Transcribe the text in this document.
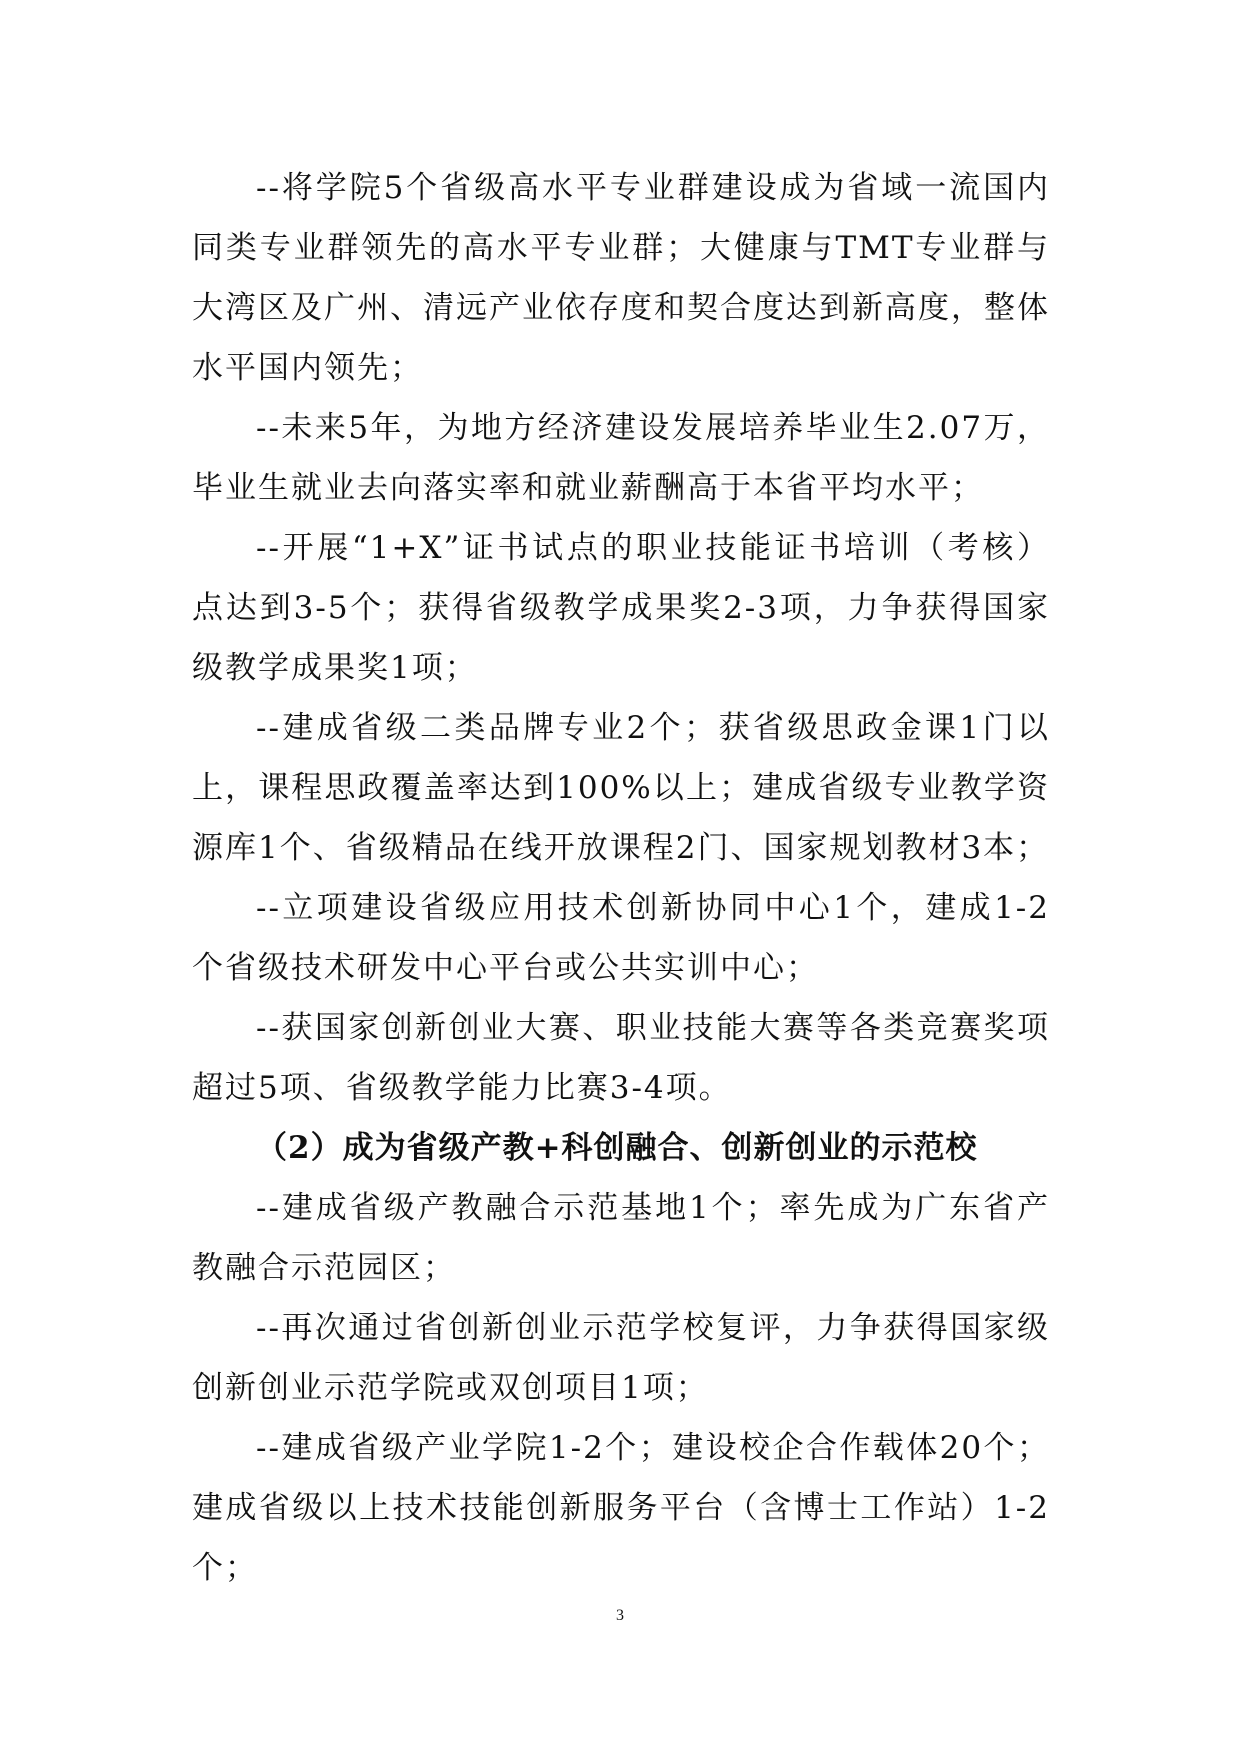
--将学院5个省级高水平专业群建设成为省域一流国内同类专业群领先的高水平专业群；大健康与TMT专业群与大湾区及广州、清远产业依存度和契合度达到新高度，整体水平国内领先；

--未来5年，为地方经济建设发展培养毕业生2.07万，毕业生就业去向落实率和就业薪酬高于本省平均水平；

--开展“1+X”证书试点的职业技能证书培训（考核）点达到3-5个；获得省级教学成果奖2-3项，力争获得国家级教学成果奖1项；

--建成省级二类品牌专业2个；获省级思政金课1门以上，课程思政覆盖率达到100%以上；建成省级专业教学资源库1个、省级精品在线开放课程2门、国家规划教材3本；

--立项建设省级应用技术创新协同中心1个，建成1-2个省级技术研发中心平台或公共实训中心；

--获国家创新创业大赛、职业技能大赛等各类竞赛奖项超过5项、省级教学能力比赛3-4项。

（2）成为省级产教+科创融合、创新创业的示范校

--建成省级产教融合示范基地1个；率先成为广东省产教融合示范园区；

--再次通过省创新创业示范学校复评，力争获得国家级创新创业示范学院或双创项目1项；

--建成省级产业学院1-2个；建设校企合作载体20个；建成省级以上技术技能创新服务平台（含博士工作站）1-2个；

3
